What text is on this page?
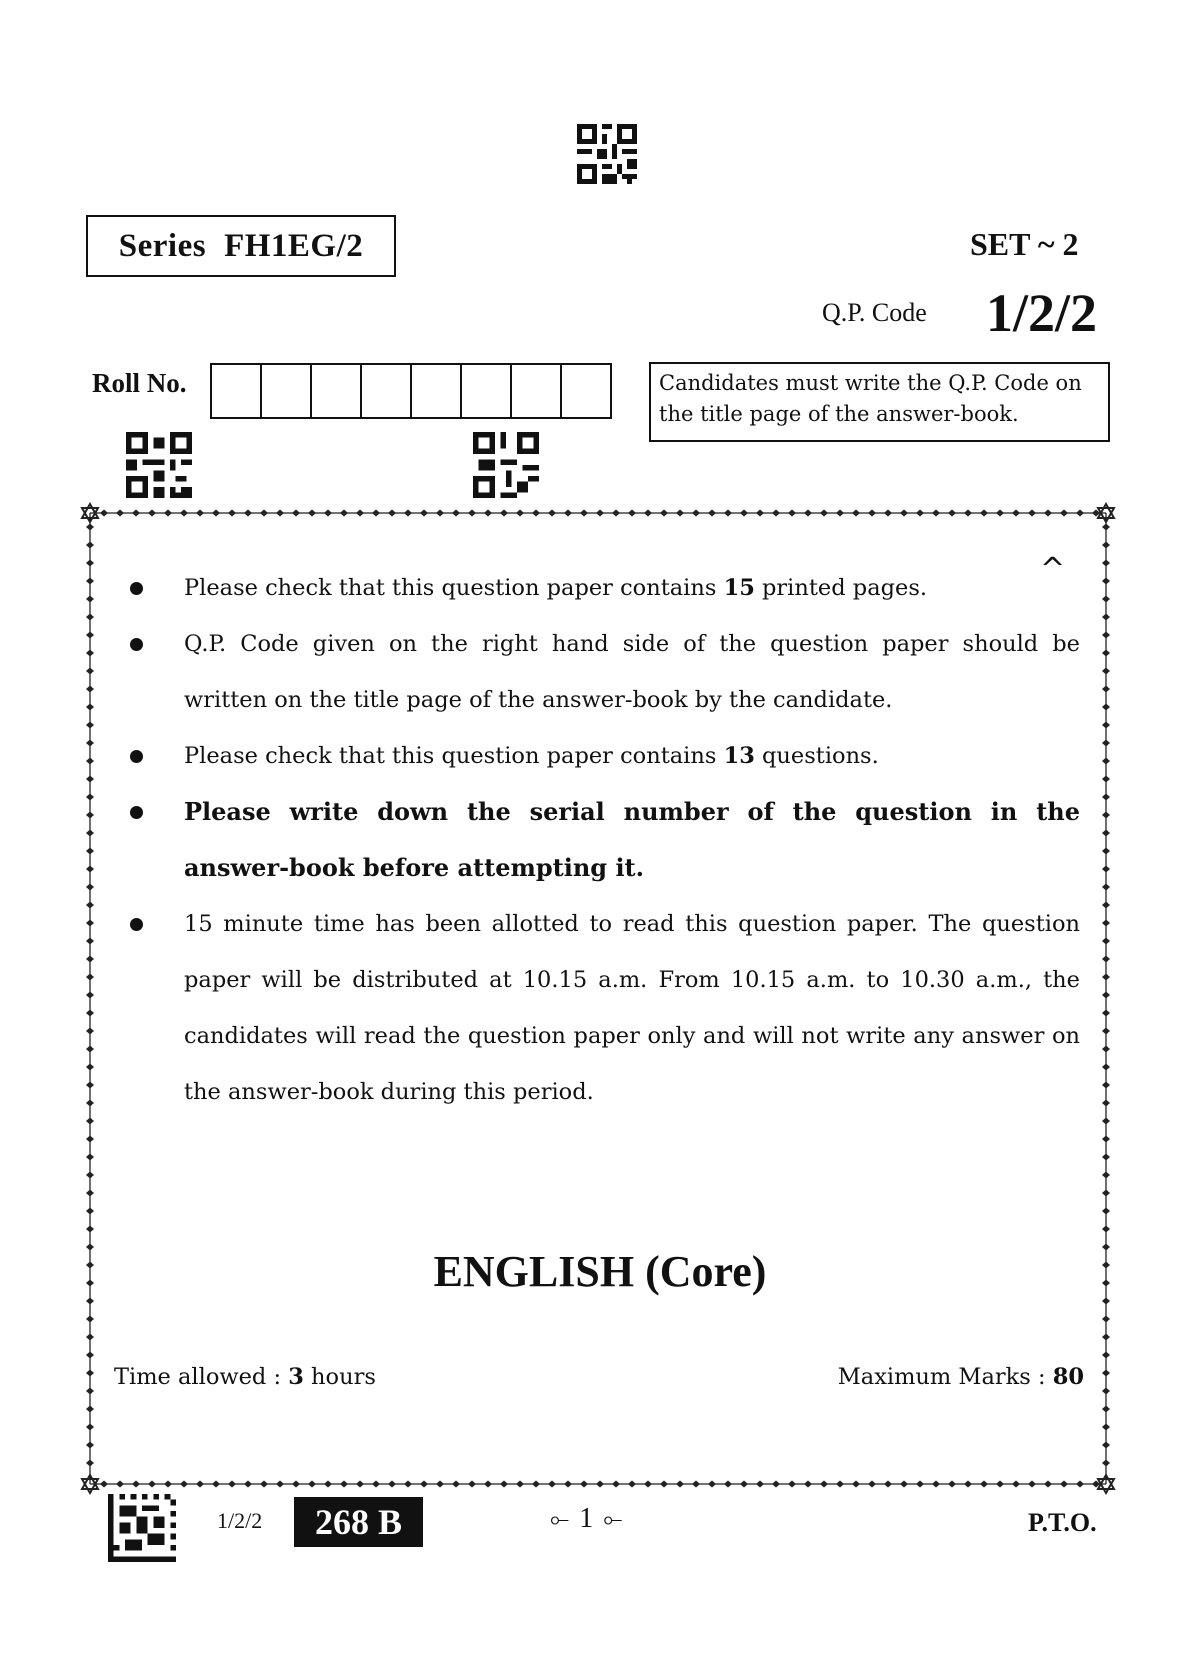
Series FH1EG/2	SET ~ 2
Q.P. Code 1/2/2
Roll No.	Candidates must write the Q.P. Code on the title page of the answer-book.
^
Please check that this question paper contains 15 printed pages.
Q.P. Code given on the right hand side of the question paper should be written on the title page of the answer-book by the candidate.
Please check that this question paper contains 13 questions.
Please write down the serial number of the question in the answer-book before attempting it.
15 minute time has been allotted to read this question paper. The question paper will be distributed at 10.15 a.m. From 10.15 a.m. to 10.30 a.m., the candidates will read the question paper only and will not write any answer on the answer-book during this period.
ENGLISH (Core)
Time allowed : 3 hours	Maximum Marks : 80
1/2/2	268 B	⟜ 1 ⟜	P.T.O.
